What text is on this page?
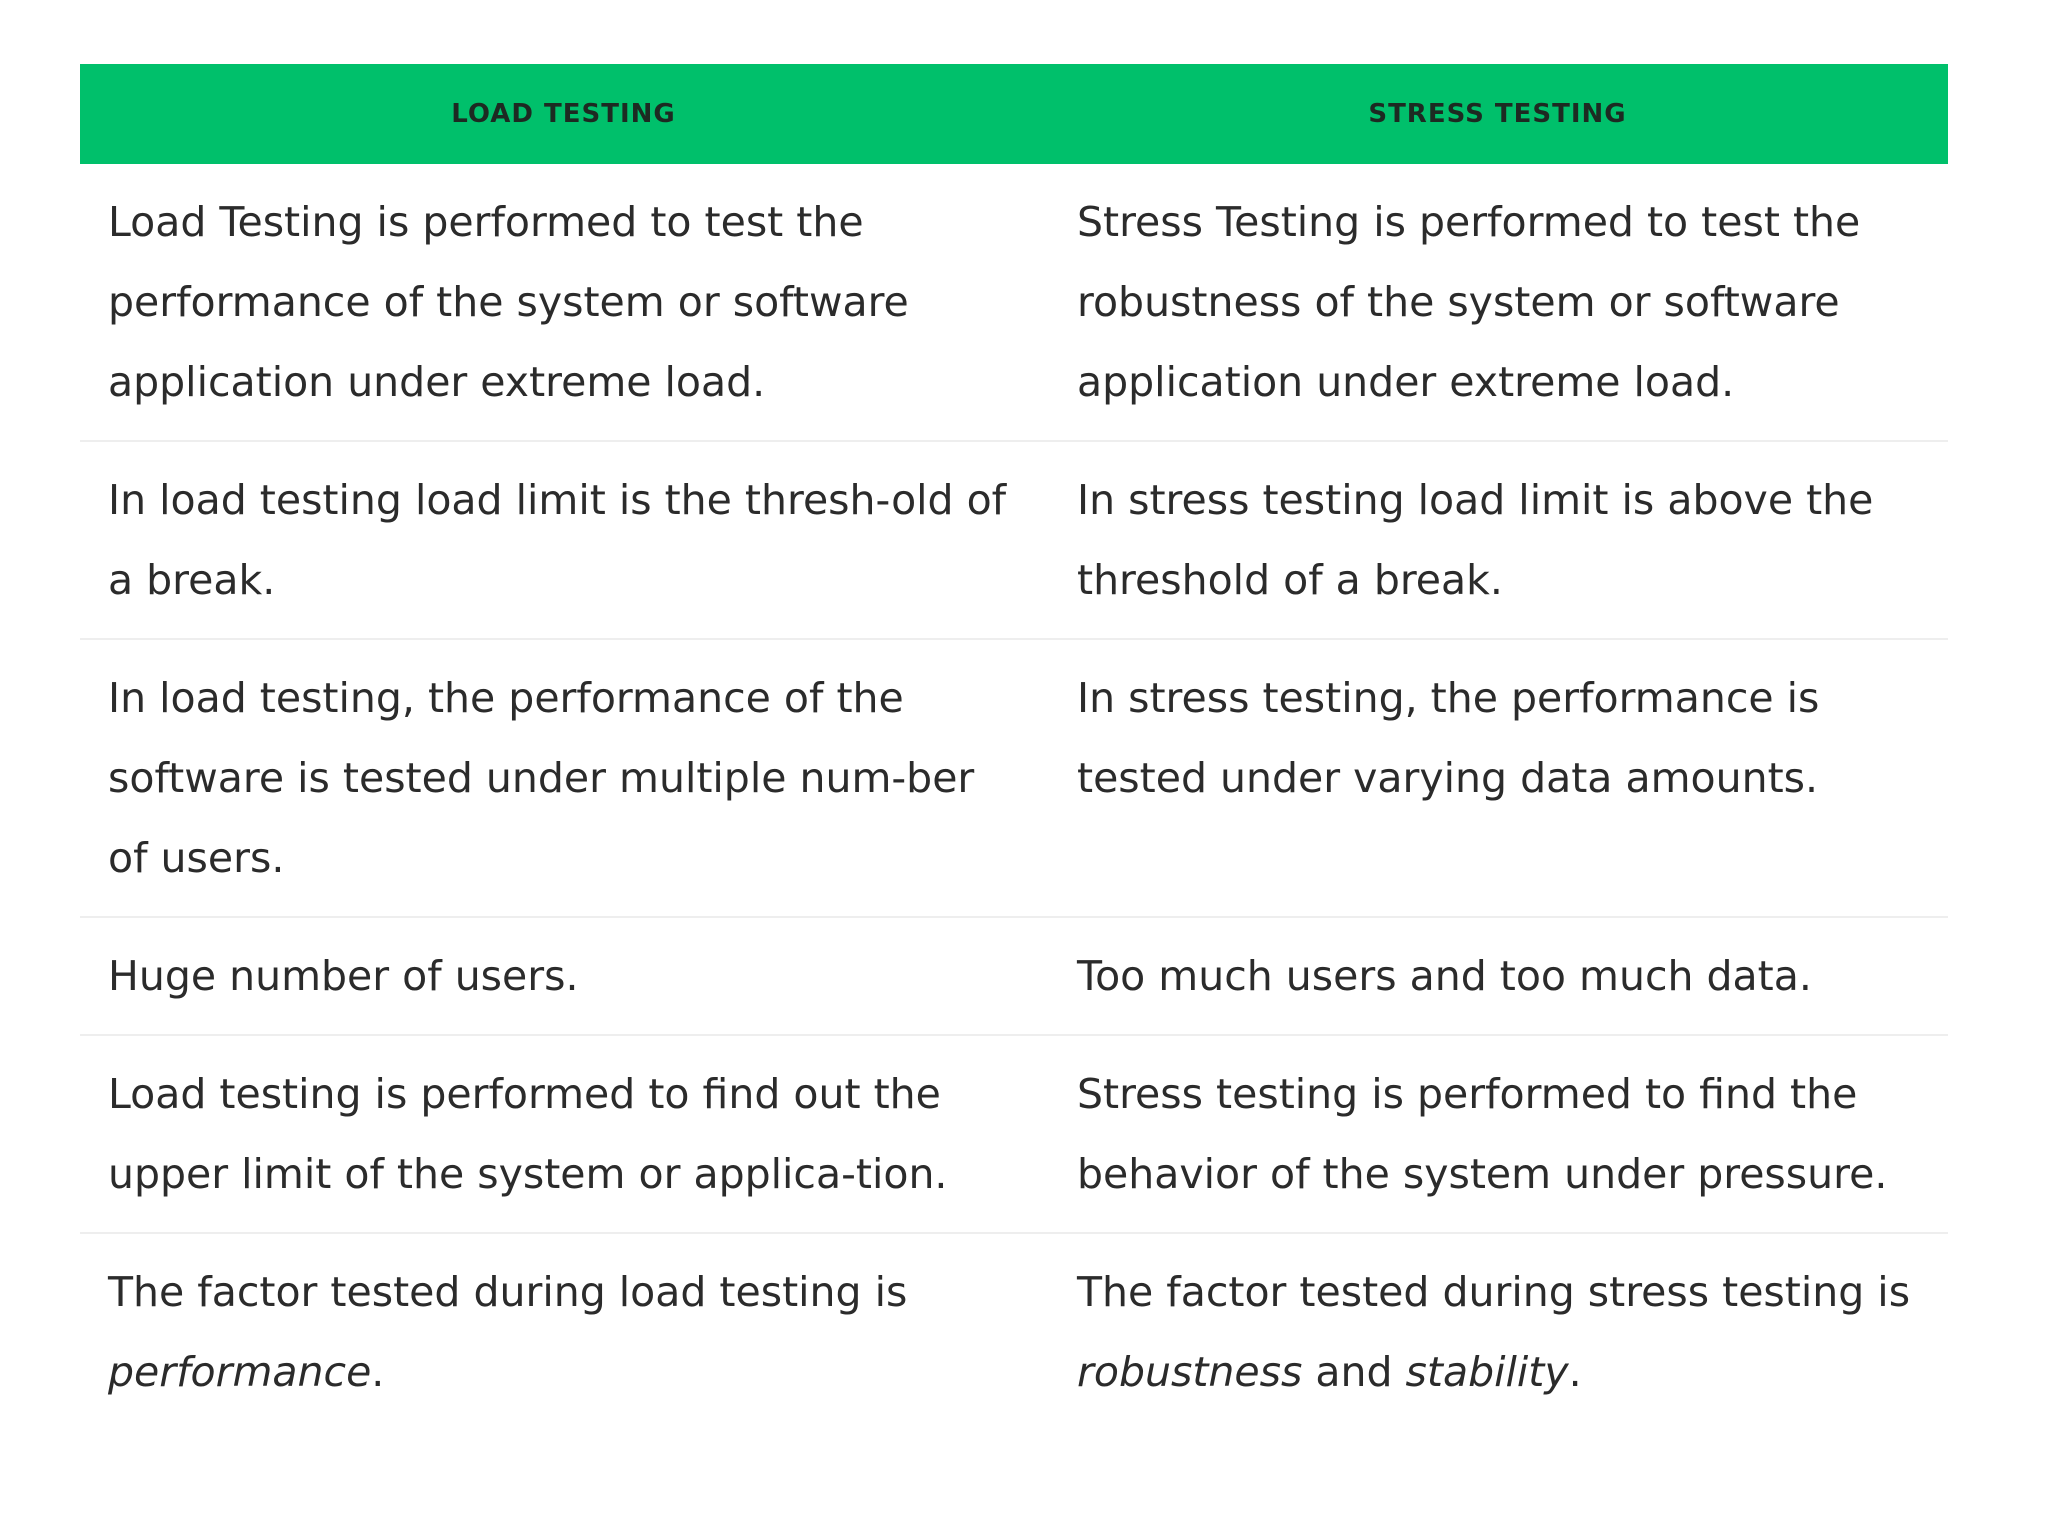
LOAD TESTING	STRESS TESTING
Load Testing is performed to test the performance of the system or software application under extreme load.	Stress Testing is performed to test the robustness of the system or software application under extreme load.
In load testing load limit is the thresh-old of a break.	In stress testing load limit is above the threshold of a break.
In load testing, the performance of the software is tested under multiple num-ber of users.	In stress testing, the performance is tested under varying data amounts.
Huge number of users.	Too much users and too much data.
Load testing is performed to find out the upper limit of the system or applica-tion.	Stress testing is performed to find the behavior of the system under pressure.
The factor tested during load testing is performance.	The factor tested during stress testing is robustness and stability.
